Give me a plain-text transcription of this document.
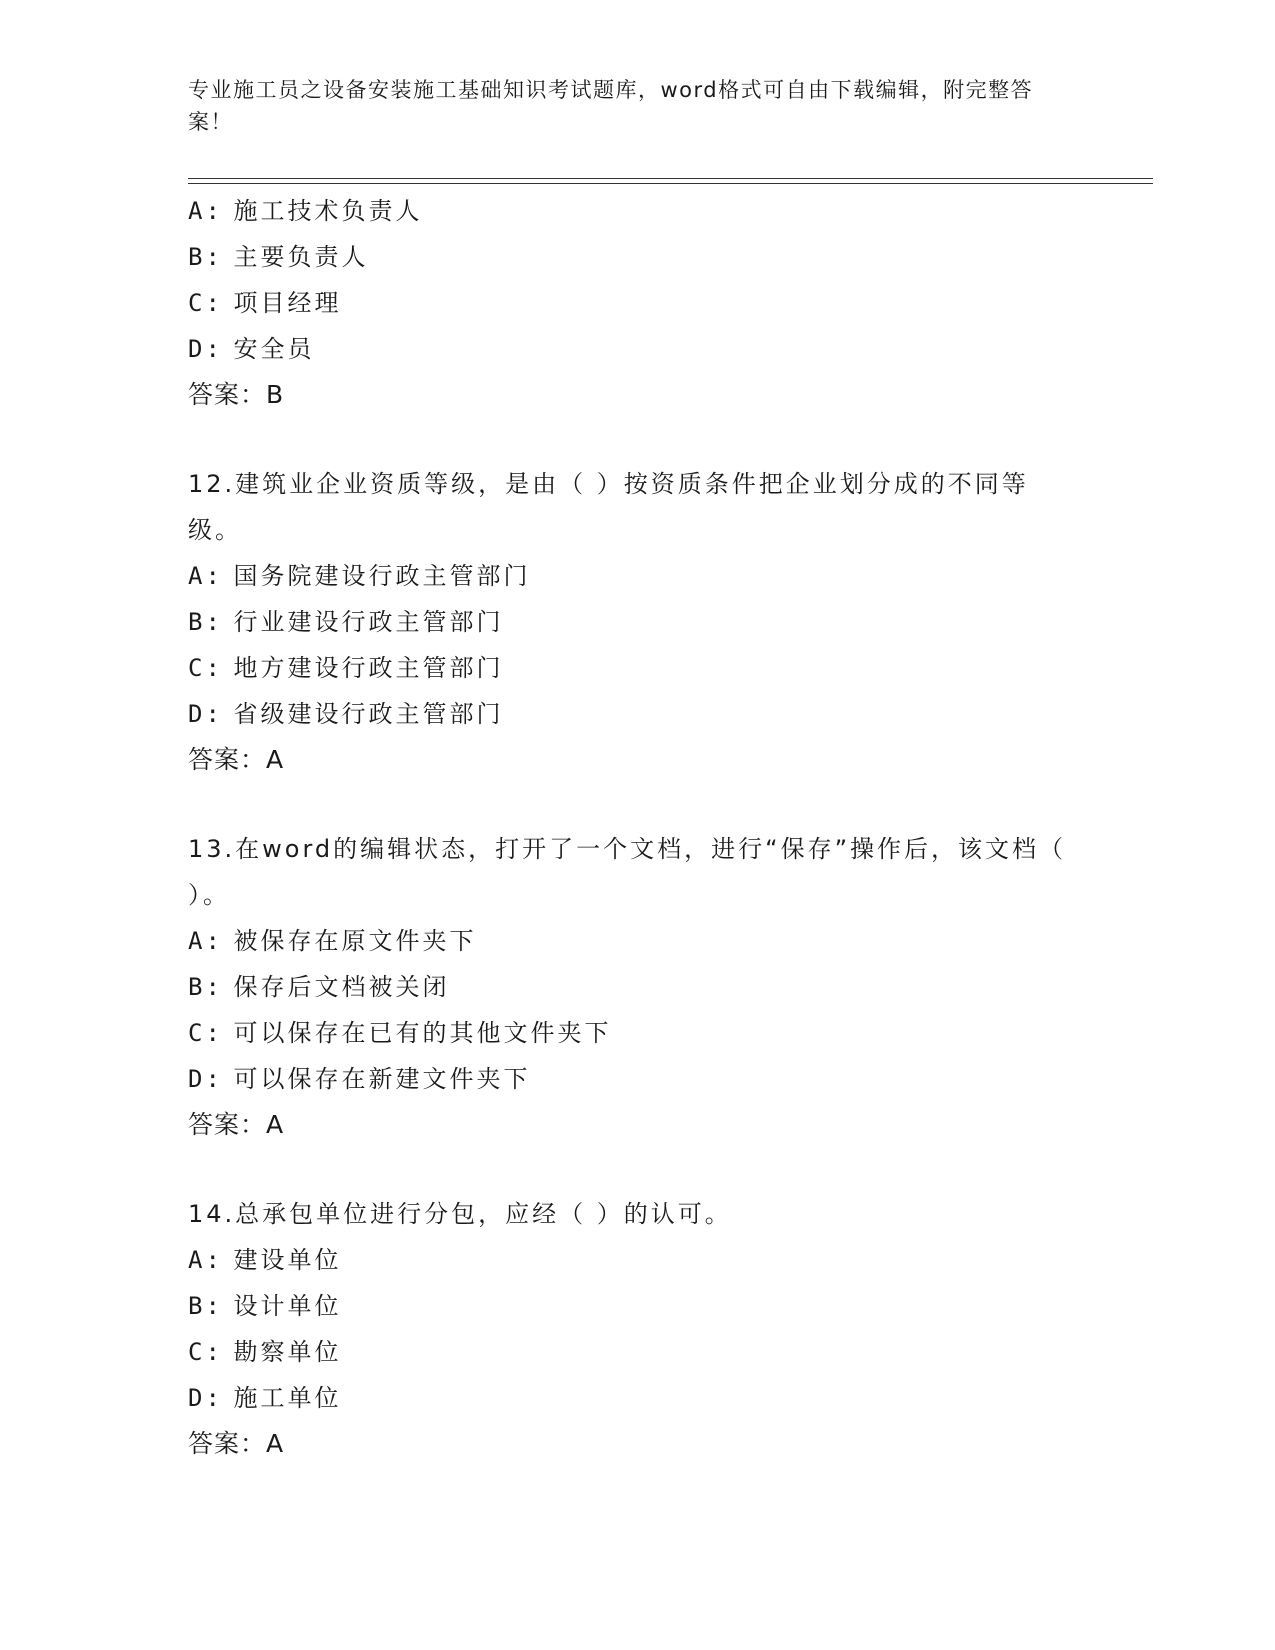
专业施工员之设备安装施工基础知识考试题库，word格式可自由下载编辑，附完整答案！
A: 施工技术负责人
B: 主要负责人
C: 项目经理
D: 安全员
答案：B
12.建筑业企业资质等级，是由（ ）按资质条件把企业划分成的不同等级。
A: 国务院建设行政主管部门
B: 行业建设行政主管部门
C: 地方建设行政主管部门
D: 省级建设行政主管部门
答案：A
13.在word的编辑状态，打开了一个文档，进行“保存”操作后，该文档（ ）。
A: 被保存在原文件夹下
B: 保存后文档被关闭
C: 可以保存在已有的其他文件夹下
D: 可以保存在新建文件夹下
答案：A
14.总承包单位进行分包，应经（ ）的认可。
A: 建设单位
B: 设计单位
C: 勘察单位
D: 施工单位
答案：A
